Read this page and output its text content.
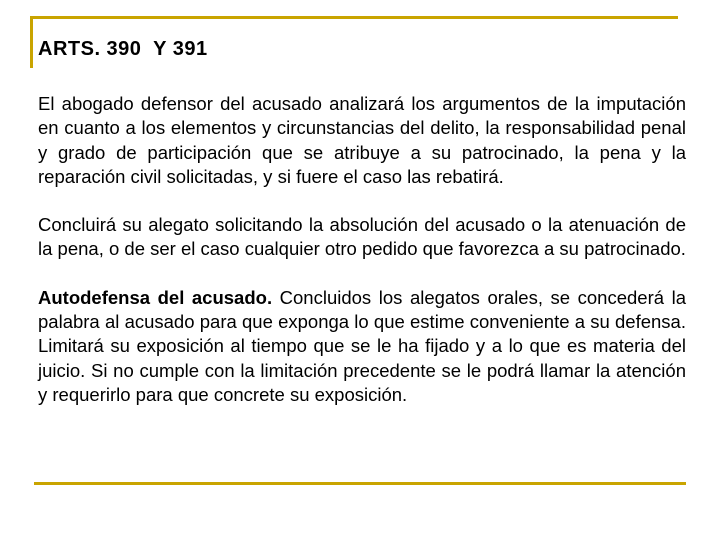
ARTS. 390  Y 391

El abogado defensor del acusado analizará los argumentos de la imputación en cuanto a los elementos y circunstancias del delito, la responsabilidad penal y grado de participación que se atribuye a su patrocinado, la pena y la reparación civil solicitadas, y si fuere el caso las rebatirá.

Concluirá su alegato solicitando la absolución del acusado o la atenuación de la pena, o de ser el caso cualquier otro pedido que favorezca a su patrocinado.

Autodefensa del acusado. Concluidos los alegatos orales, se concederá la palabra al acusado para que exponga lo que estime conveniente a su defensa. Limitará su exposición al tiempo que se le ha fijado y a lo que es materia del juicio. Si no cumple con la limitación precedente se le podrá llamar la atención y requerirlo para que concrete su exposición.
